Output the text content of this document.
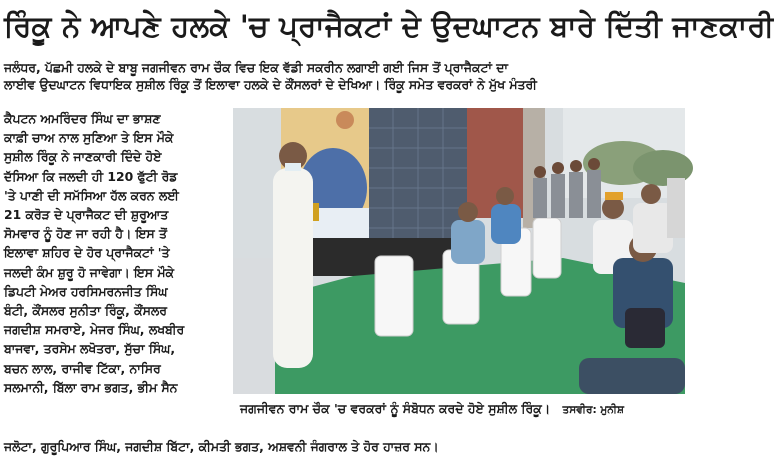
ਰਿੰਕੂ ਨੇ ਆਪਣੇ ਹਲਕੇ 'ਚ ਪ੍ਰਾਜੈਕਟਾਂ ਦੇ ਉਦਘਾਟਨ ਬਾਰੇ ਦਿੱਤੀ ਜਾਣਕਾਰੀ
ਜਲੰਧਰ, ਪੱਛਮੀ ਹਲਕੇ ਦੇ ਬਾਬੂ ਜਗਜੀਵਨ ਰਾਮ ਚੌਕ ਵਿਚ ਇਕ ਵੱਡੀ ਸਕਰੀਨ ਲਗਾਈ ਗਈ ਜਿਸ ਤੋਂ ਪ੍ਰਾਜੈਕਟਾਂ ਦਾ
ਲਾਈਵ ਉਦਘਾਟਨ ਵਿਧਾਇਕ ਸੁਸ਼ੀਲ ਰਿੰਕੂ ਤੋਂ ਇਲਾਵਾ ਹਲਕੇ ਦੇ ਕੌਂਸਲਰਾਂ ਦੇ ਦੇਖਿਆ। ਰਿੰਕੂ ਸਮੇਤ ਵਰਕਰਾਂ ਨੇ ਮੁੱਖ ਮੰਤਰੀ
ਕੈਪਟਨ ਅਮਰਿੰਦਰ ਸਿੰਘ ਦਾ ਭਾਸ਼ਣ
ਕਾਫ਼ੀ ਚਾਅ ਨਾਲ ਸੁਣਿਆ ਤੇ ਇਸ ਮੌਕੇ
ਸੁਸ਼ੀਲ ਰਿੰਕੂ ਨੇ ਜਾਣਕਾਰੀ ਦਿੰਦੇ ਹੋਏ
ਦੱਸਿਆ ਕਿ ਜਲਦੀ ਹੀ 120 ਫੁੱਟੀ ਰੋਡ
'ਤੇ ਪਾਣੀ ਦੀ ਸਮੱਸਿਆ ਹੱਲ ਕਰਨ ਲਈ
21 ਕਰੋੜ ਦੇ ਪ੍ਰਾਜੈਕਟ ਦੀ ਸ਼ੁਰੂਆਤ
ਸੋਮਵਾਰ ਨੂੰ ਹੋਣ ਜਾ ਰਹੀ ਹੈ। ਇਸ ਤੋਂ
ਇਲਾਵਾ ਸ਼ਹਿਰ ਦੇ ਹੋਰ ਪ੍ਰਾਜੈਕਟਾਂ 'ਤੇ
ਜਲਦੀ ਕੰਮ ਸ਼ੁਰੂ ਹੋ ਜਾਵੇਗਾ। ਇਸ ਮੌਕੇ
ਡਿਪਟੀ ਮੇਅਰ ਹਰਸਿਮਰਨਜੀਤ ਸਿੰਘ
ਬੰਟੀ, ਕੌਂਸਲਰ ਸੁਨੀਤਾ ਰਿੰਕੂ, ਕੌਂਸਲਰ
ਜਗਦੀਸ਼ ਸਮਰਾਏ, ਮੇਜਰ ਸਿੰਘ, ਲਖਬੀਰ
ਬਾਜਵਾ, ਤਰਸੇਮ ਲਖੋਤਰਾ, ਸੁੱਚਾ ਸਿੰਘ,
ਬਚਨ ਲਾਲ, ਰਾਜੀਵ ਟਿੱਕਾ, ਨਾਸਿਰ
ਸਲਮਾਨੀ, ਬਿੱਲਾ ਰਾਮ ਭਗਤ, ਭੀਮ ਸੈਨ
ਜਗਜੀਵਨ ਰਾਮ ਚੌਕ 'ਚ ਵਰਕਰਾਂ ਨੂੰ ਸੰਬੋਧਨ ਕਰਦੇ ਹੋਏ ਸੁਸ਼ੀਲ ਰਿੰਕੂ। ਤਸਵੀਰ: ਮੁਨੀਸ਼
ਜਲੋਟਾ, ਗੁਰੂਪਿਆਰ ਸਿੰਘ, ਜਗਦੀਸ਼ ਬਿੱਟਾ, ਕੀਮਤੀ ਭਗਤ, ਅਸ਼ਵਨੀ ਜੰਗਰਾਲ ਤੇ ਹੋਰ ਹਾਜ਼ਰ ਸਨ।
